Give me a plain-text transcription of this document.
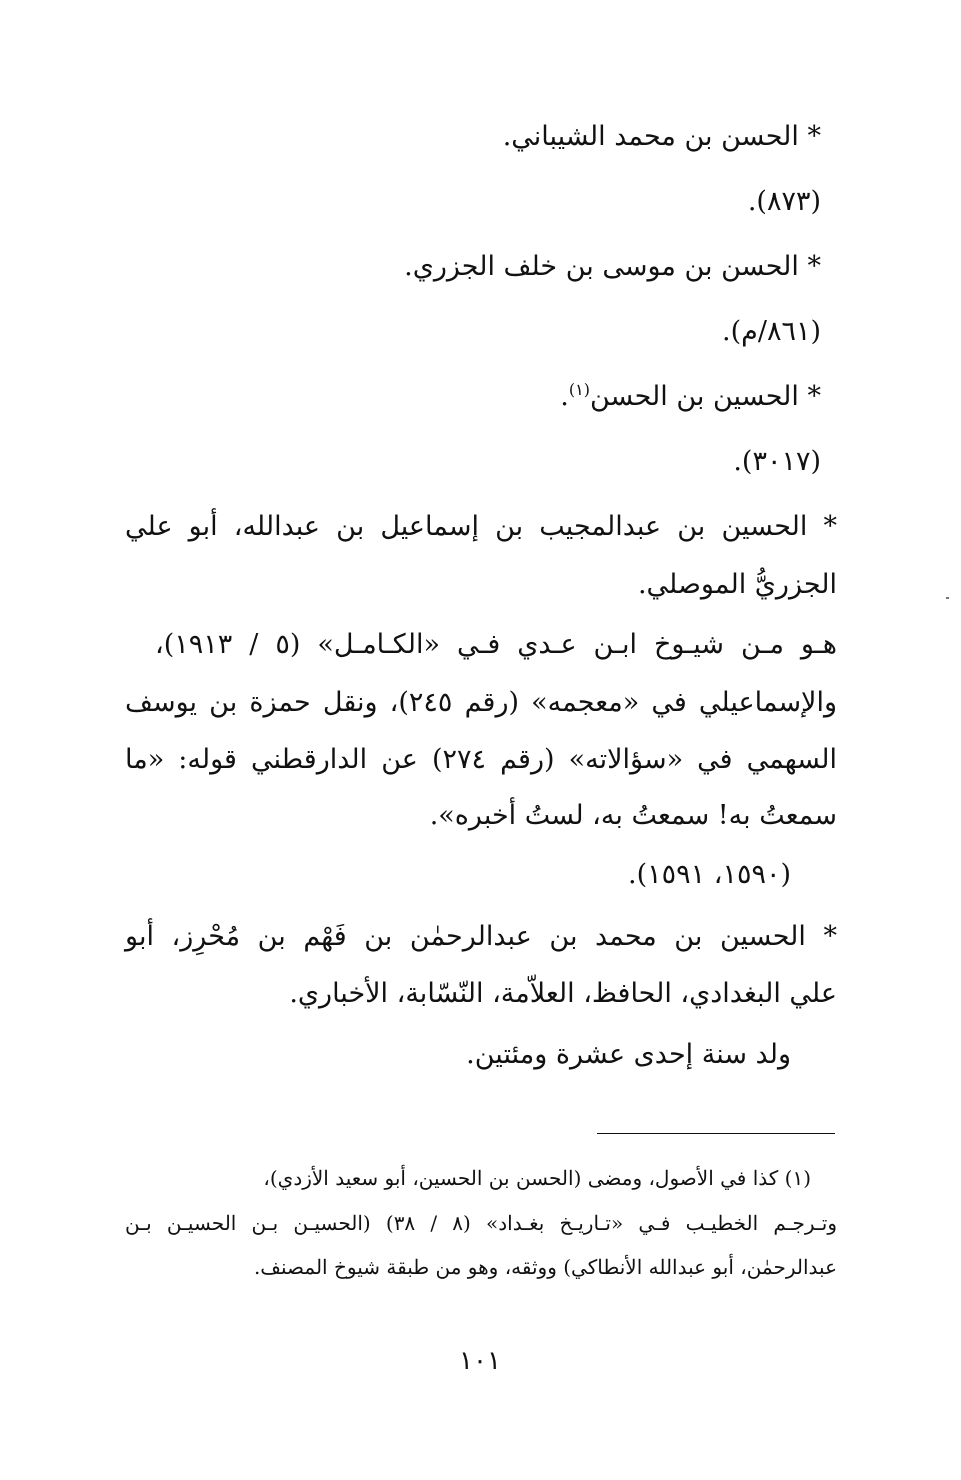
* الحسن بن محمد الشيباني.
(٨٧٣).
* الحسن بن موسى بن خلف الجزري.
(٨٦١/م).
* الحسين بن الحسن$^{(١)}$.
(٣٠١٧).
* الحسين بن عبدالمجيب بن إسماعيل بن عبدالله، أبو علي
الجزريُّ الموصلي.
هـو مـن شيـوخ ابـن عـدي فـي «الكـامـل» (٥ / ١٩١٣)،
والإسماعيلي في «معجمه» (رقم ٢٤٥)، ونقل حمزة بن يوسف
السهمي في «سؤالاته» (رقم ٢٧٤) عن الدارقطني قوله: «ما
سمعتُ به! سمعتُ به، لستُ أخبره».
(١٥٩٠، ١٥٩١).
* الحسين بن محمد بن عبدالرحمٰن بن فَهْم بن مُحْرِز، أبو
علي البغدادي، الحافظ، العلاّمة، النّسّابة، الأخباري.
ولد سنة إحدى عشرة ومئتين.
(١) كذا في الأصول، ومضى (الحسن بن الحسين، أبو سعيد الأزدي)،
وتـرجـم الخطيـب فـي «تـاريـخ بغـداد» (٨ / ٣٨) (الحسيـن بـن الحسيـن بـن
عبدالرحمٰن، أبو عبدالله الأنطاكي) ووثقه، وهو من طبقة شيوخ المصنف.
١٠١
